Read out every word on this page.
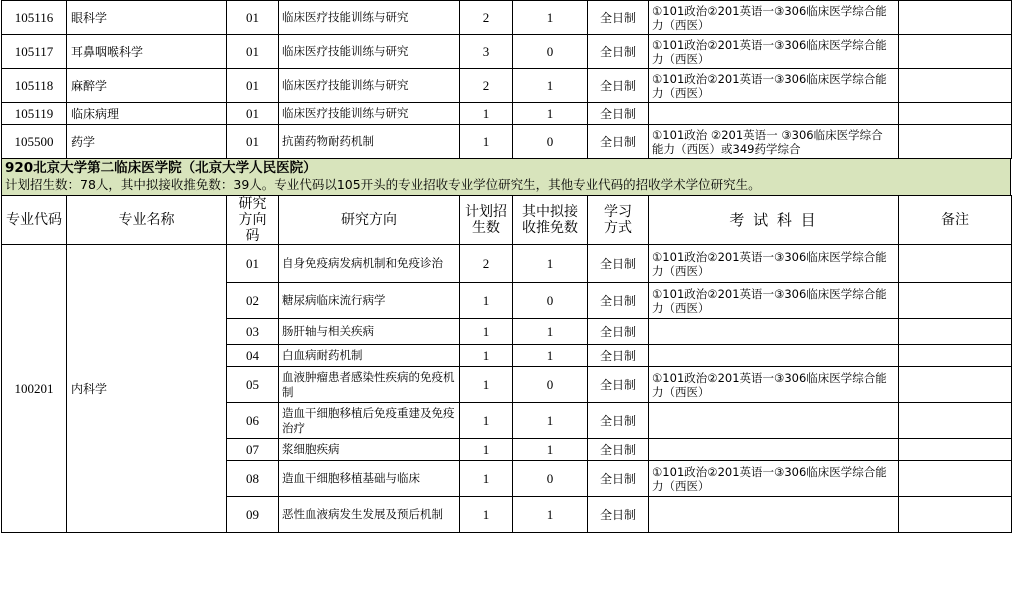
105116	眼科学	01	临床医疗技能训练与研究	2	1	全日制	①101政治②201英语一③306临床医学综合能力（西医）	
105117	耳鼻咽喉科学	01	临床医疗技能训练与研究	3	0	全日制	①101政治②201英语一③306临床医学综合能力（西医）	
105118	麻醉学	01	临床医疗技能训练与研究	2	1	全日制	①101政治②201英语一③306临床医学综合能力（西医）	
105119	临床病理	01	临床医疗技能训练与研究	1	1	全日制		
105500	药学	01	抗菌药物耐药机制	1	0	全日制	①101政治 ②201英语一 ③306临床医学综合能力（西医）或349药学综合	
920北京大学第二临床医学院（北京大学人民医院）
计划招生数：78人，其中拟接收推免数：39人。专业代码以105开头的专业招收专业学位研究生，其他专业代码的招收学术学位研究生。
专业代码	专业名称	研究方向码	研究方向	计划招生数	其中拟接收推免数	学习方式	考 试 科 目	备注
100201	内科学	01	自身免疫病发病机制和免疫诊治	2	1	全日制	①101政治②201英语一③306临床医学综合能力（西医）	
		02	糖尿病临床流行病学	1	0	全日制	①101政治②201英语一③306临床医学综合能力（西医）	
		03	肠肝轴与相关疾病	1	1	全日制		
		04	白血病耐药机制	1	1	全日制		
		05	血液肿瘤患者感染性疾病的免疫机制	1	0	全日制	①101政治②201英语一③306临床医学综合能力（西医）	
		06	造血干细胞移植后免疫重建及免疫治疗	1	1	全日制		
		07	浆细胞疾病	1	1	全日制		
		08	造血干细胞移植基础与临床	1	0	全日制	①101政治②201英语一③306临床医学综合能力（西医）	
		09	恶性血液病发生发展及预后机制	1	1	全日制		
